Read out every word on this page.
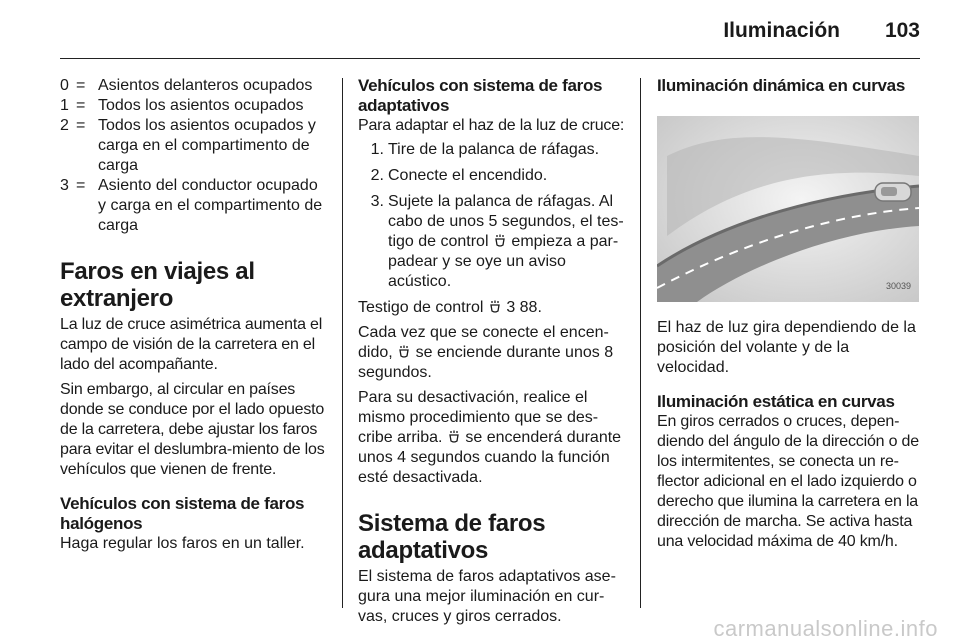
Iluminación 103
0 = Asientos delanteros ocupados
1 = Todos los asientos ocupados
2 = Todos los asientos ocupados y carga en el compartimento de carga
3 = Asiento del conductor ocupado y carga en el compartimento de carga
Faros en viajes al extranjero

La luz de cruce asimétrica aumenta el campo de visión de la carretera en el lado del acompañante.

Sin embargo, al circular en países donde se conduce por el lado opuesto de la carretera, debe ajustar los faros para evitar el deslumbra-miento de los vehículos que vienen de frente.

Vehículos con sistema de faros halógenos

Haga regular los faros en un taller.

Vehículos con sistema de faros adaptativos

Para adaptar el haz de la luz de cruce:

1. Tire de la palanca de ráfagas.
2. Conecte el encendido.
3. Sujete la palanca de ráfagas. Al cabo de unos 5 segundos, el tes-tigo de control empieza a par-padear y se oye un aviso acústico.

Testigo de control 3 88.

Cada vez que se conecte el encen-dido, se enciende durante unos 8 segundos.

Para su desactivación, realice el mismo procedimiento que se des-cribe arriba. se encenderá durante unos 4 segundos cuando la función esté desactivada.

Sistema de faros adaptativos

El sistema de faros adaptativos ase-gura una mejor iluminación en cur-vas, cruces y giros cerrados.

Iluminación dinámica en curvas
30039

El haz de luz gira dependiendo de la posición del volante y de la velocidad.

Iluminación estática en curvas

En giros cerrados o cruces, depen-diendo del ángulo de la dirección o de los intermitentes, se conecta un re-flector adicional en el lado izquierdo o derecho que ilumina la carretera en la dirección de marcha. Se activa hasta una velocidad máxima de 40 km/h.

carmanualsonline.info
